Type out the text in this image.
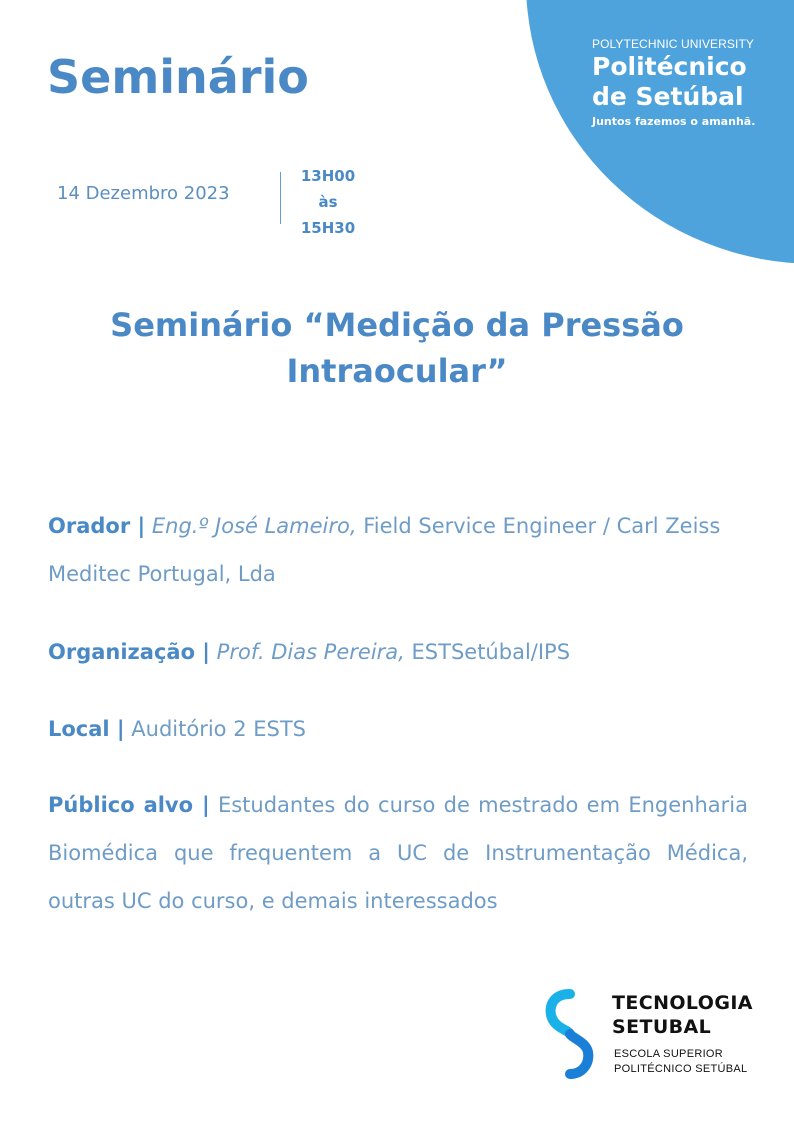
POLYTECHNIC UNIVERSITY
Politécnico
de Setúbal
Juntos fazemos o amanhã.
Seminário
14 Dezembro 2023
13H00
às
15H30
Seminário “Medição da Pressão
Intraocular”

Orador | Eng.º José Lameiro, Field Service Engineer / Carl Zeiss Meditec Portugal, Lda

Organização | Prof. Dias Pereira, ESTSetúbal/IPS

Local | Auditório 2 ESTS

Público alvo | Estudantes do curso de mestrado em Engenharia Biomédica que frequentem a UC de Instrumentação Médica, outras UC do curso, e demais interessados

TECNOLOGIA
SETUBAL
ESCOLA SUPERIOR
POLITÉCNICO SETÚBAL
